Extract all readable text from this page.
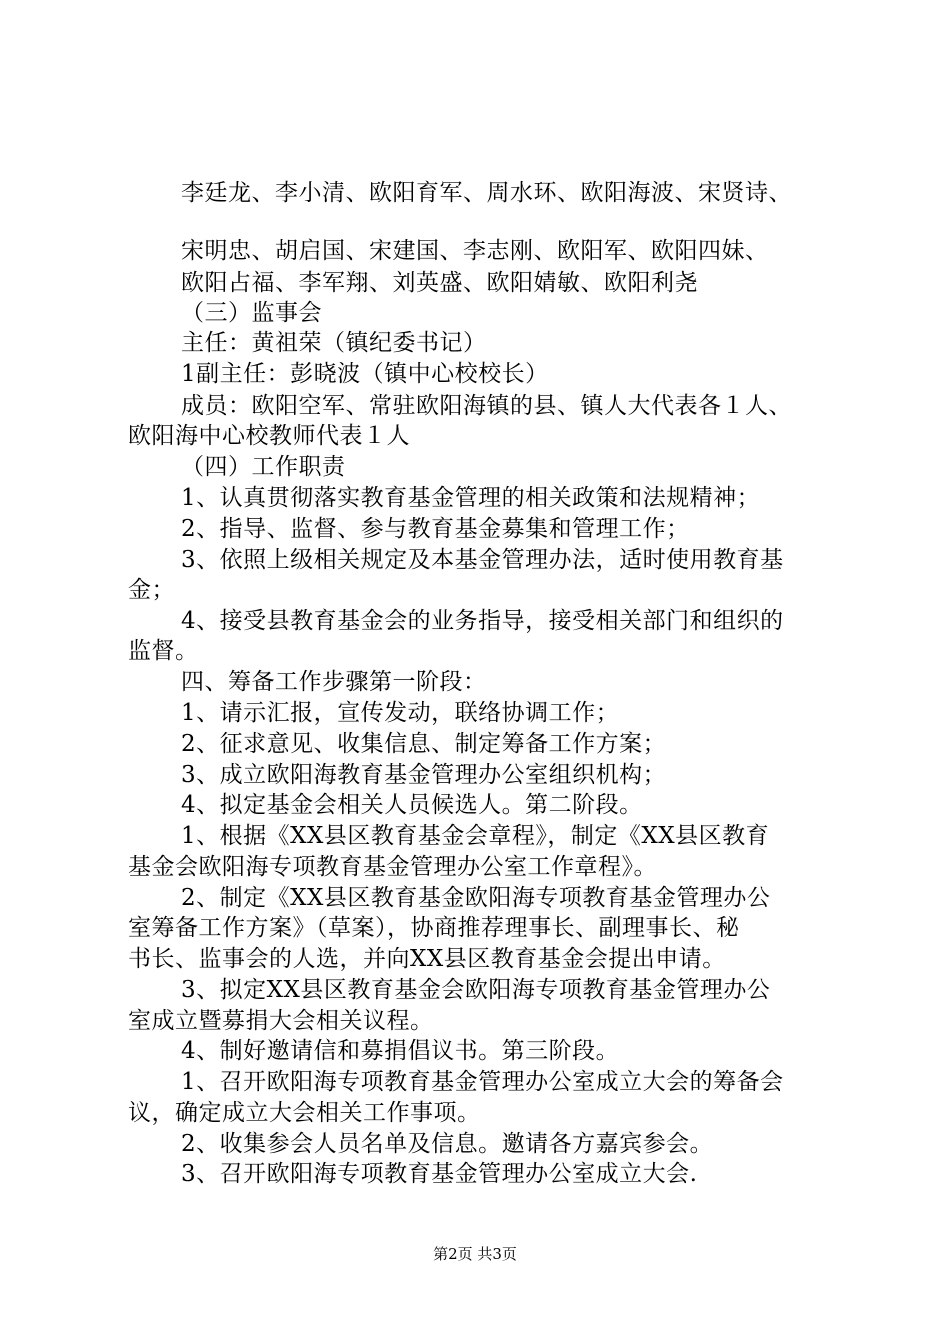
李廷龙、李小清、欧阳育军、周水环、欧阳海波、宋贤诗、
宋明忠、胡启国、宋建国、李志刚、欧阳军、欧阳四妹、
欧阳占福、李军翔、刘英盛、欧阳婧敏、欧阳利尧
（三）监事会
主任：黄祖荣（镇纪委书记）
1副主任：彭晓波（镇中心校校长）
成员：欧阳空军、常驻欧阳海镇的县、镇人大代表各１人、
欧阳海中心校教师代表１人
（四）工作职责
1、认真贯彻落实教育基金管理的相关政策和法规精神；
2、指导、监督、参与教育基金募集和管理工作；
3、依照上级相关规定及本基金管理办法，适时使用教育基
金；
4、接受县教育基金会的业务指导，接受相关部门和组织的
监督。
四、筹备工作步骤第一阶段：
1、请示汇报，宣传发动，联络协调工作；
2、征求意见、收集信息、制定筹备工作方案；
3、成立欧阳海教育基金管理办公室组织机构；
4、拟定基金会相关人员候选人。第二阶段。
1、根据《XX县区教育基金会章程》，制定《XX县区教育
基金会欧阳海专项教育基金管理办公室工作章程》。
2、制定《XX县区教育基金欧阳海专项教育基金管理办公
室筹备工作方案》（草案），协商推荐理事长、副理事长、秘
书长、监事会的人选，并向XX县区教育基金会提出申请。
3、拟定XX县区教育基金会欧阳海专项教育基金管理办公
室成立暨募捐大会相关议程。
4、制好邀请信和募捐倡议书。第三阶段。
1、召开欧阳海专项教育基金管理办公室成立大会的筹备会
议，确定成立大会相关工作事项。
2、收集参会人员名单及信息。邀请各方嘉宾参会。
3、召开欧阳海专项教育基金管理办公室成立大会.
第2页 共3页
